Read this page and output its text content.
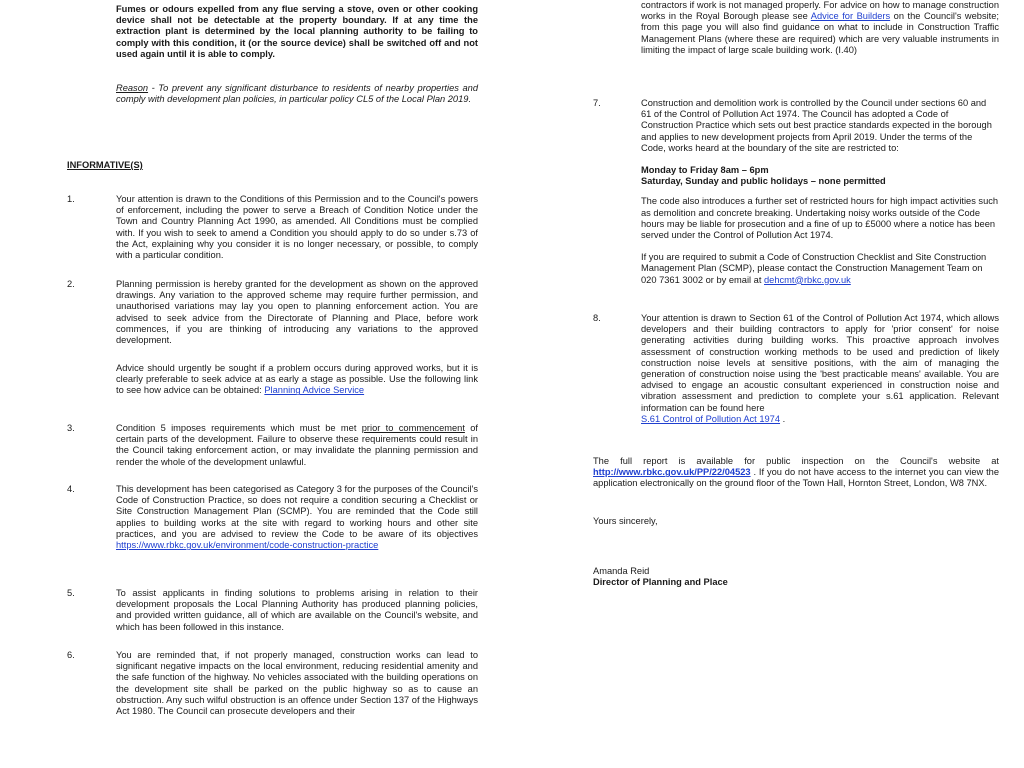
Fumes or odours expelled from any flue serving a stove, oven or other cooking device shall not be detectable at the property boundary. If at any time the extraction plant is determined by the local planning authority to be failing to comply with this condition, it (or the source device) shall be switched off and not used again until it is able to comply.
Reason - To prevent any significant disturbance to residents of nearby properties and comply with development plan policies, in particular policy CL5 of the Local Plan 2019.
INFORMATIVE(S)
1.	Your attention is drawn to the Conditions of this Permission and to the Council's powers of enforcement, including the power to serve a Breach of Condition Notice under the Town and Country Planning Act 1990, as amended. All Conditions must be complied with. If you wish to seek to amend a Condition you should apply to do so under s.73 of the Act, explaining why you consider it is no longer necessary, or possible, to comply with a particular condition.
2.	Planning permission is hereby granted for the development as shown on the approved drawings. Any variation to the approved scheme may require further permission, and unauthorised variations may lay you open to planning enforcement action. You are advised to seek advice from the Directorate of Planning and Place, before work commences, if you are thinking of introducing any variations to the approved development.
Advice should urgently be sought if a problem occurs during approved works, but it is clearly preferable to seek advice at as early a stage as possible. Use the following link to see how advice can be obtained: Planning Advice Service
3.	Condition 5 imposes requirements which must be met prior to commencement of certain parts of the development. Failure to observe these requirements could result in the Council taking enforcement action, or may invalidate the planning permission and render the whole of the development unlawful.
4.	This development has been categorised as Category 3 for the purposes of the Council's Code of Construction Practice, so does not require a condition securing a Checklist or Site Construction Management Plan (SCMP). You are reminded that the Code still applies to building works at the site with regard to working hours and other site practices, and you are advised to review the Code to be aware of its objectives https://www.rbkc.gov.uk/environment/code-construction-practice
5.	To assist applicants in finding solutions to problems arising in relation to their development proposals the Local Planning Authority has produced planning policies, and provided written guidance, all of which are available on the Council's website, and which has been followed in this instance.
6.	You are reminded that, if not properly managed, construction works can lead to significant negative impacts on the local environment, reducing residential amenity and the safe function of the highway. No vehicles associated with the building operations on the development site shall be parked on the public highway so as to cause an obstruction. Any such wilful obstruction is an offence under Section 137 of the Highways Act 1980. The Council can prosecute developers and their
contractors if work is not managed properly. For advice on how to manage construction works in the Royal Borough please see Advice for Builders on the Council's website; from this page you will also find guidance on what to include in Construction Traffic Management Plans (where these are required) which are very valuable instruments in limiting the impact of large scale building work. (I.40)
7.	Construction and demolition work is controlled by the Council under sections 60 and 61 of the Control of Pollution Act 1974. The Council has adopted a Code of Construction Practice which sets out best practice standards expected in the borough and applies to new development projects from April 2019. Under the terms of the Code, works heard at the boundary of the site are restricted to:

Monday to Friday 8am – 6pm

Saturday, Sunday and public holidays – none permitted

The code also introduces a further set of restricted hours for high impact activities such as demolition and concrete breaking. Undertaking noisy works outside of the Code hours may be liable for prosecution and a fine of up to £5000 where a notice has been served under the Control of Pollution Act 1974.

If you are required to submit a Code of Construction Checklist and Site Construction Management Plan (SCMP), please contact the Construction Management Team on 020 7361 3002 or by email at dehcmt@rbkc.gov.uk

8.	Your attention is drawn to Section 61 of the Control of Pollution Act 1974, which allows developers and their building contractors to apply for 'prior consent' for noise generating activities during building works. This proactive approach involves assessment of construction working methods to be used and prediction of likely construction noise levels at sensitive positions, with the aim of managing the generation of construction noise using the 'best practicable means' available. You are advised to engage an acoustic consultant experienced in construction noise and vibration assessment and prediction to complete your s.61 application. Relevant information can be found here
S.61 Control of Pollution Act 1974 .
The full report is available for public inspection on the Council's website at http://www.rbkc.gov.uk/PP/22/04523 . If you do not have access to the internet you can view the application electronically on the ground floor of the Town Hall, Hornton Street, London, W8 7NX.
Yours sincerely,
Amanda Reid
Director of Planning and Place
